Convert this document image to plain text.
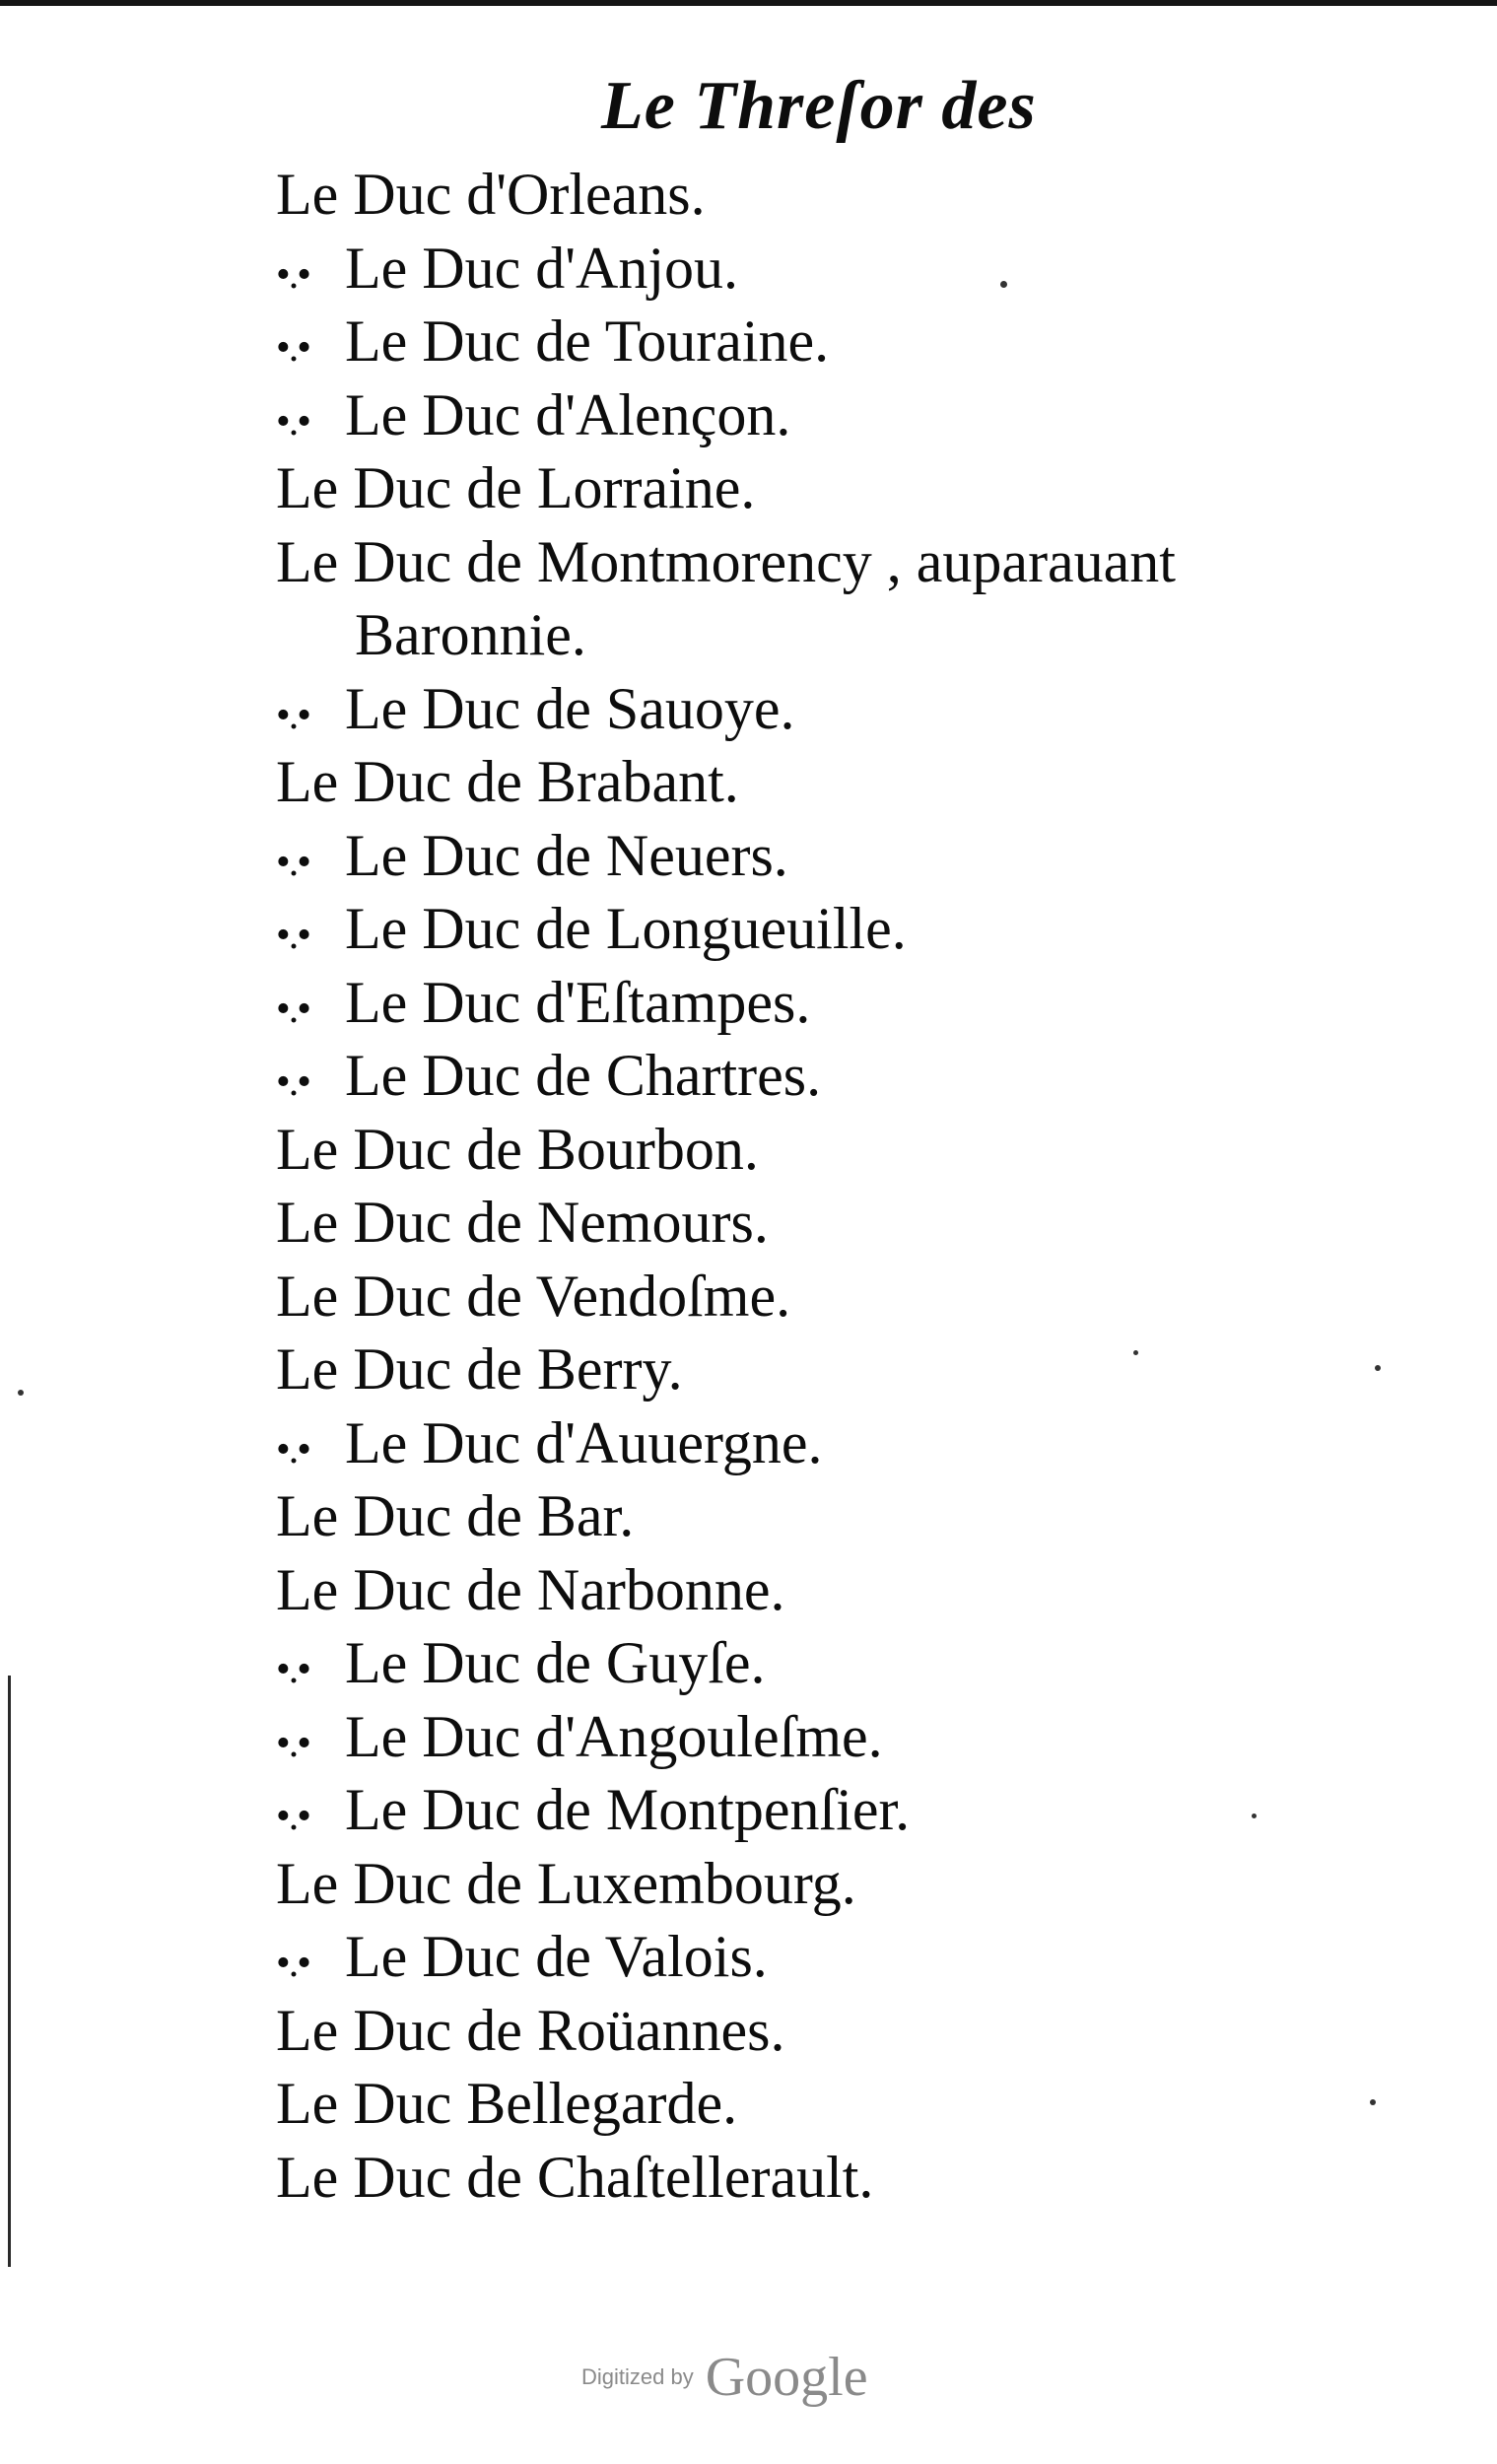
Le Threſor des
Le Duc d'Orleans.
•.• Le Duc d'Anjou.
•.• Le Duc de Touraine.
•.• Le Duc d'Alençon.
Le Duc de Lorraine.
Le Duc de Montmorency , auparauant
Baronnie.
•.• Le Duc de Sauoye.
Le Duc de Brabant.
•.• Le Duc de Neuers.
•.• Le Duc de Longueuille.
•.• Le Duc d'Eſtampes.
•.• Le Duc de Chartres.
Le Duc de Bourbon.
Le Duc de Nemours.
Le Duc de Vendoſme.
Le Duc de Berry.
•.• Le Duc d'Auuergne.
Le Duc de Bar.
Le Duc de Narbonne.
•.• Le Duc de Guyſe.
•.• Le Duc d'Angouleſme.
•.• Le Duc de Montpenſier.
Le Duc de Luxembourg.
•.• Le Duc de Valois.
Le Duc de Roüannes.
Le Duc Bellegarde.
Le Duc de Chaſtellerault.
Digitized by Google
